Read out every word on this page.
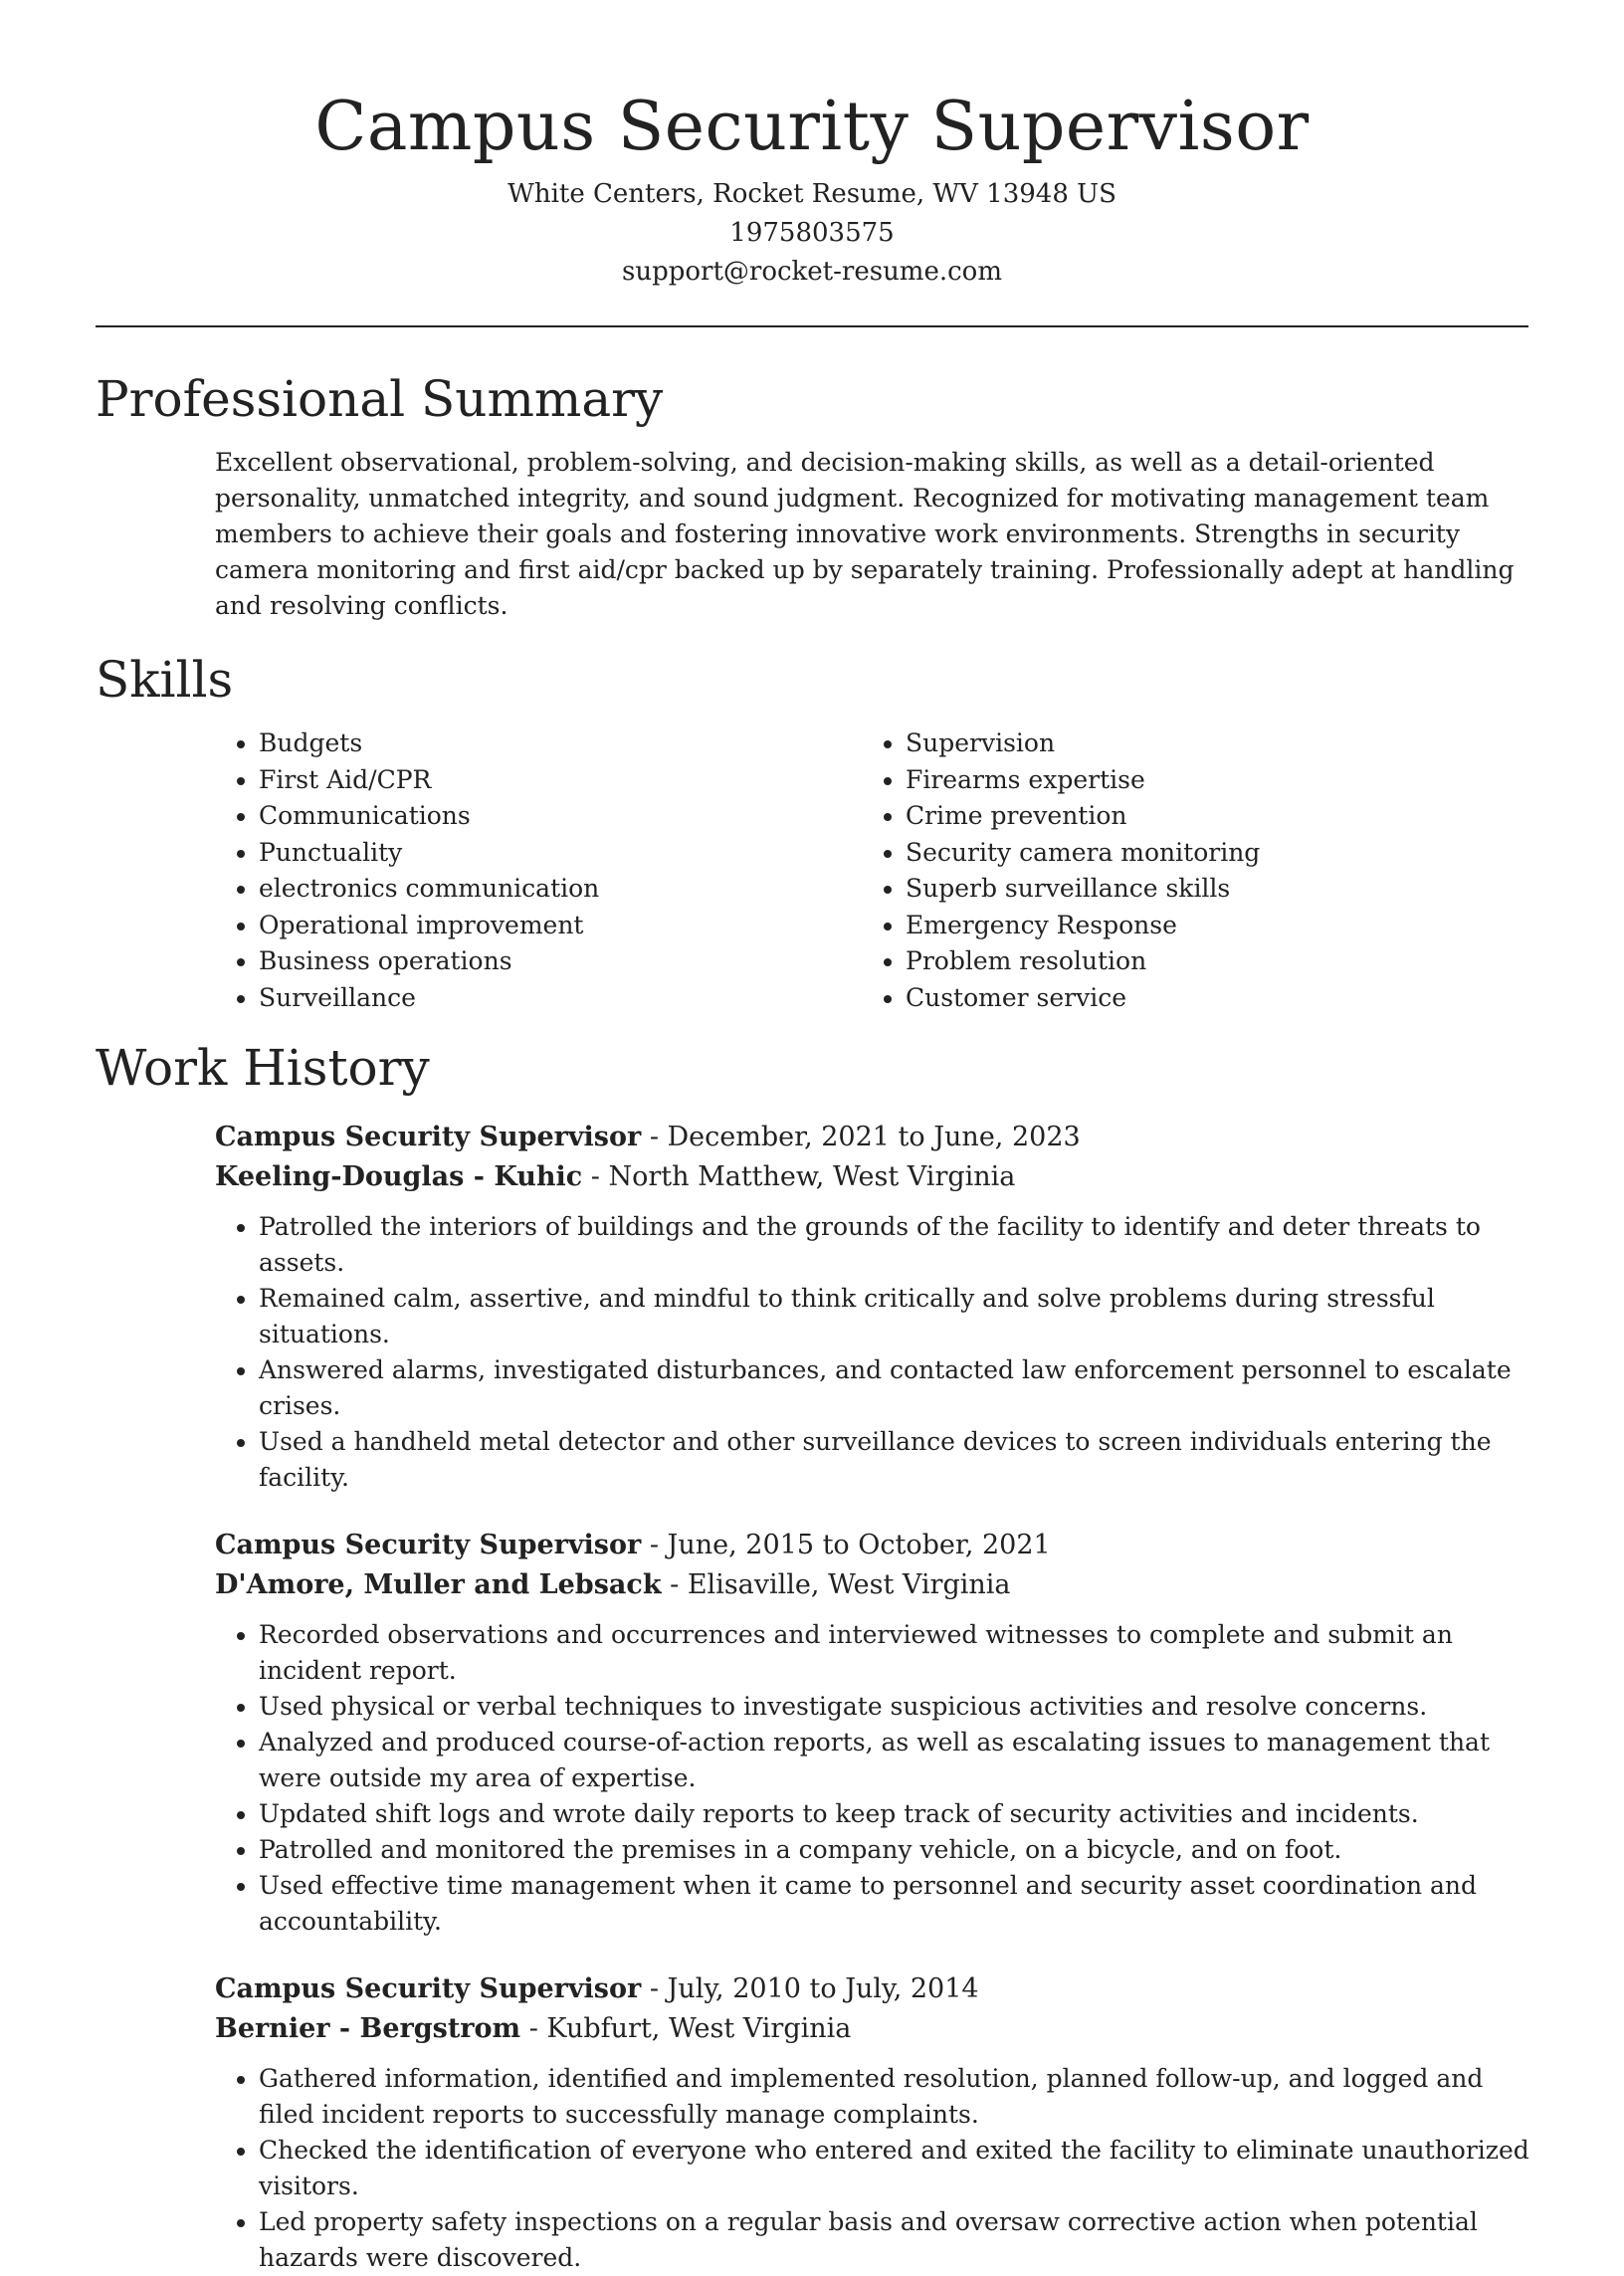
Campus Security Supervisor
White Centers, Rocket Resume, WV 13948 US
1975803575
support@rocket-resume.com
Professional Summary

Excellent observational, problem-solving, and decision-making skills, as well as a detail-oriented personality, unmatched integrity, and sound judgment. Recognized for motivating management team members to achieve their goals and fostering innovative work environments. Strengths in security camera monitoring and first aid/cpr backed up by separately training. Professionally adept at handling and resolving conflicts.

Skills
• Budgets
• First Aid/CPR
• Communications
• Punctuality
• electronics communication
• Operational improvement
• Business operations
• Surveillance
• Supervision
• Firearms expertise
• Crime prevention
• Security camera monitoring
• Superb surveillance skills
• Emergency Response
• Problem resolution
• Customer service
Work History
Campus Security Supervisor - December, 2021 to June, 2023
Keeling-Douglas - Kuhic - North Matthew, West Virginia
• Patrolled the interiors of buildings and the grounds of the facility to identify and deter threats to assets.
• Remained calm, assertive, and mindful to think critically and solve problems during stressful situations.
• Answered alarms, investigated disturbances, and contacted law enforcement personnel to escalate crises.
• Used a handheld metal detector and other surveillance devices to screen individuals entering the facility.
Campus Security Supervisor - June, 2015 to October, 2021
D'Amore, Muller and Lebsack - Elisaville, West Virginia
• Recorded observations and occurrences and interviewed witnesses to complete and submit an incident report.
• Used physical or verbal techniques to investigate suspicious activities and resolve concerns.
• Analyzed and produced course-of-action reports, as well as escalating issues to management that were outside my area of expertise.
• Updated shift logs and wrote daily reports to keep track of security activities and incidents.
• Patrolled and monitored the premises in a company vehicle, on a bicycle, and on foot.
• Used effective time management when it came to personnel and security asset coordination and accountability.
Campus Security Supervisor - July, 2010 to July, 2014
Bernier - Bergstrom - Kubfurt, West Virginia
• Gathered information, identified and implemented resolution, planned follow-up, and logged and filed incident reports to successfully manage complaints.
• Checked the identification of everyone who entered and exited the facility to eliminate unauthorized visitors.
• Led property safety inspections on a regular basis and oversaw corrective action when potential hazards were discovered.
